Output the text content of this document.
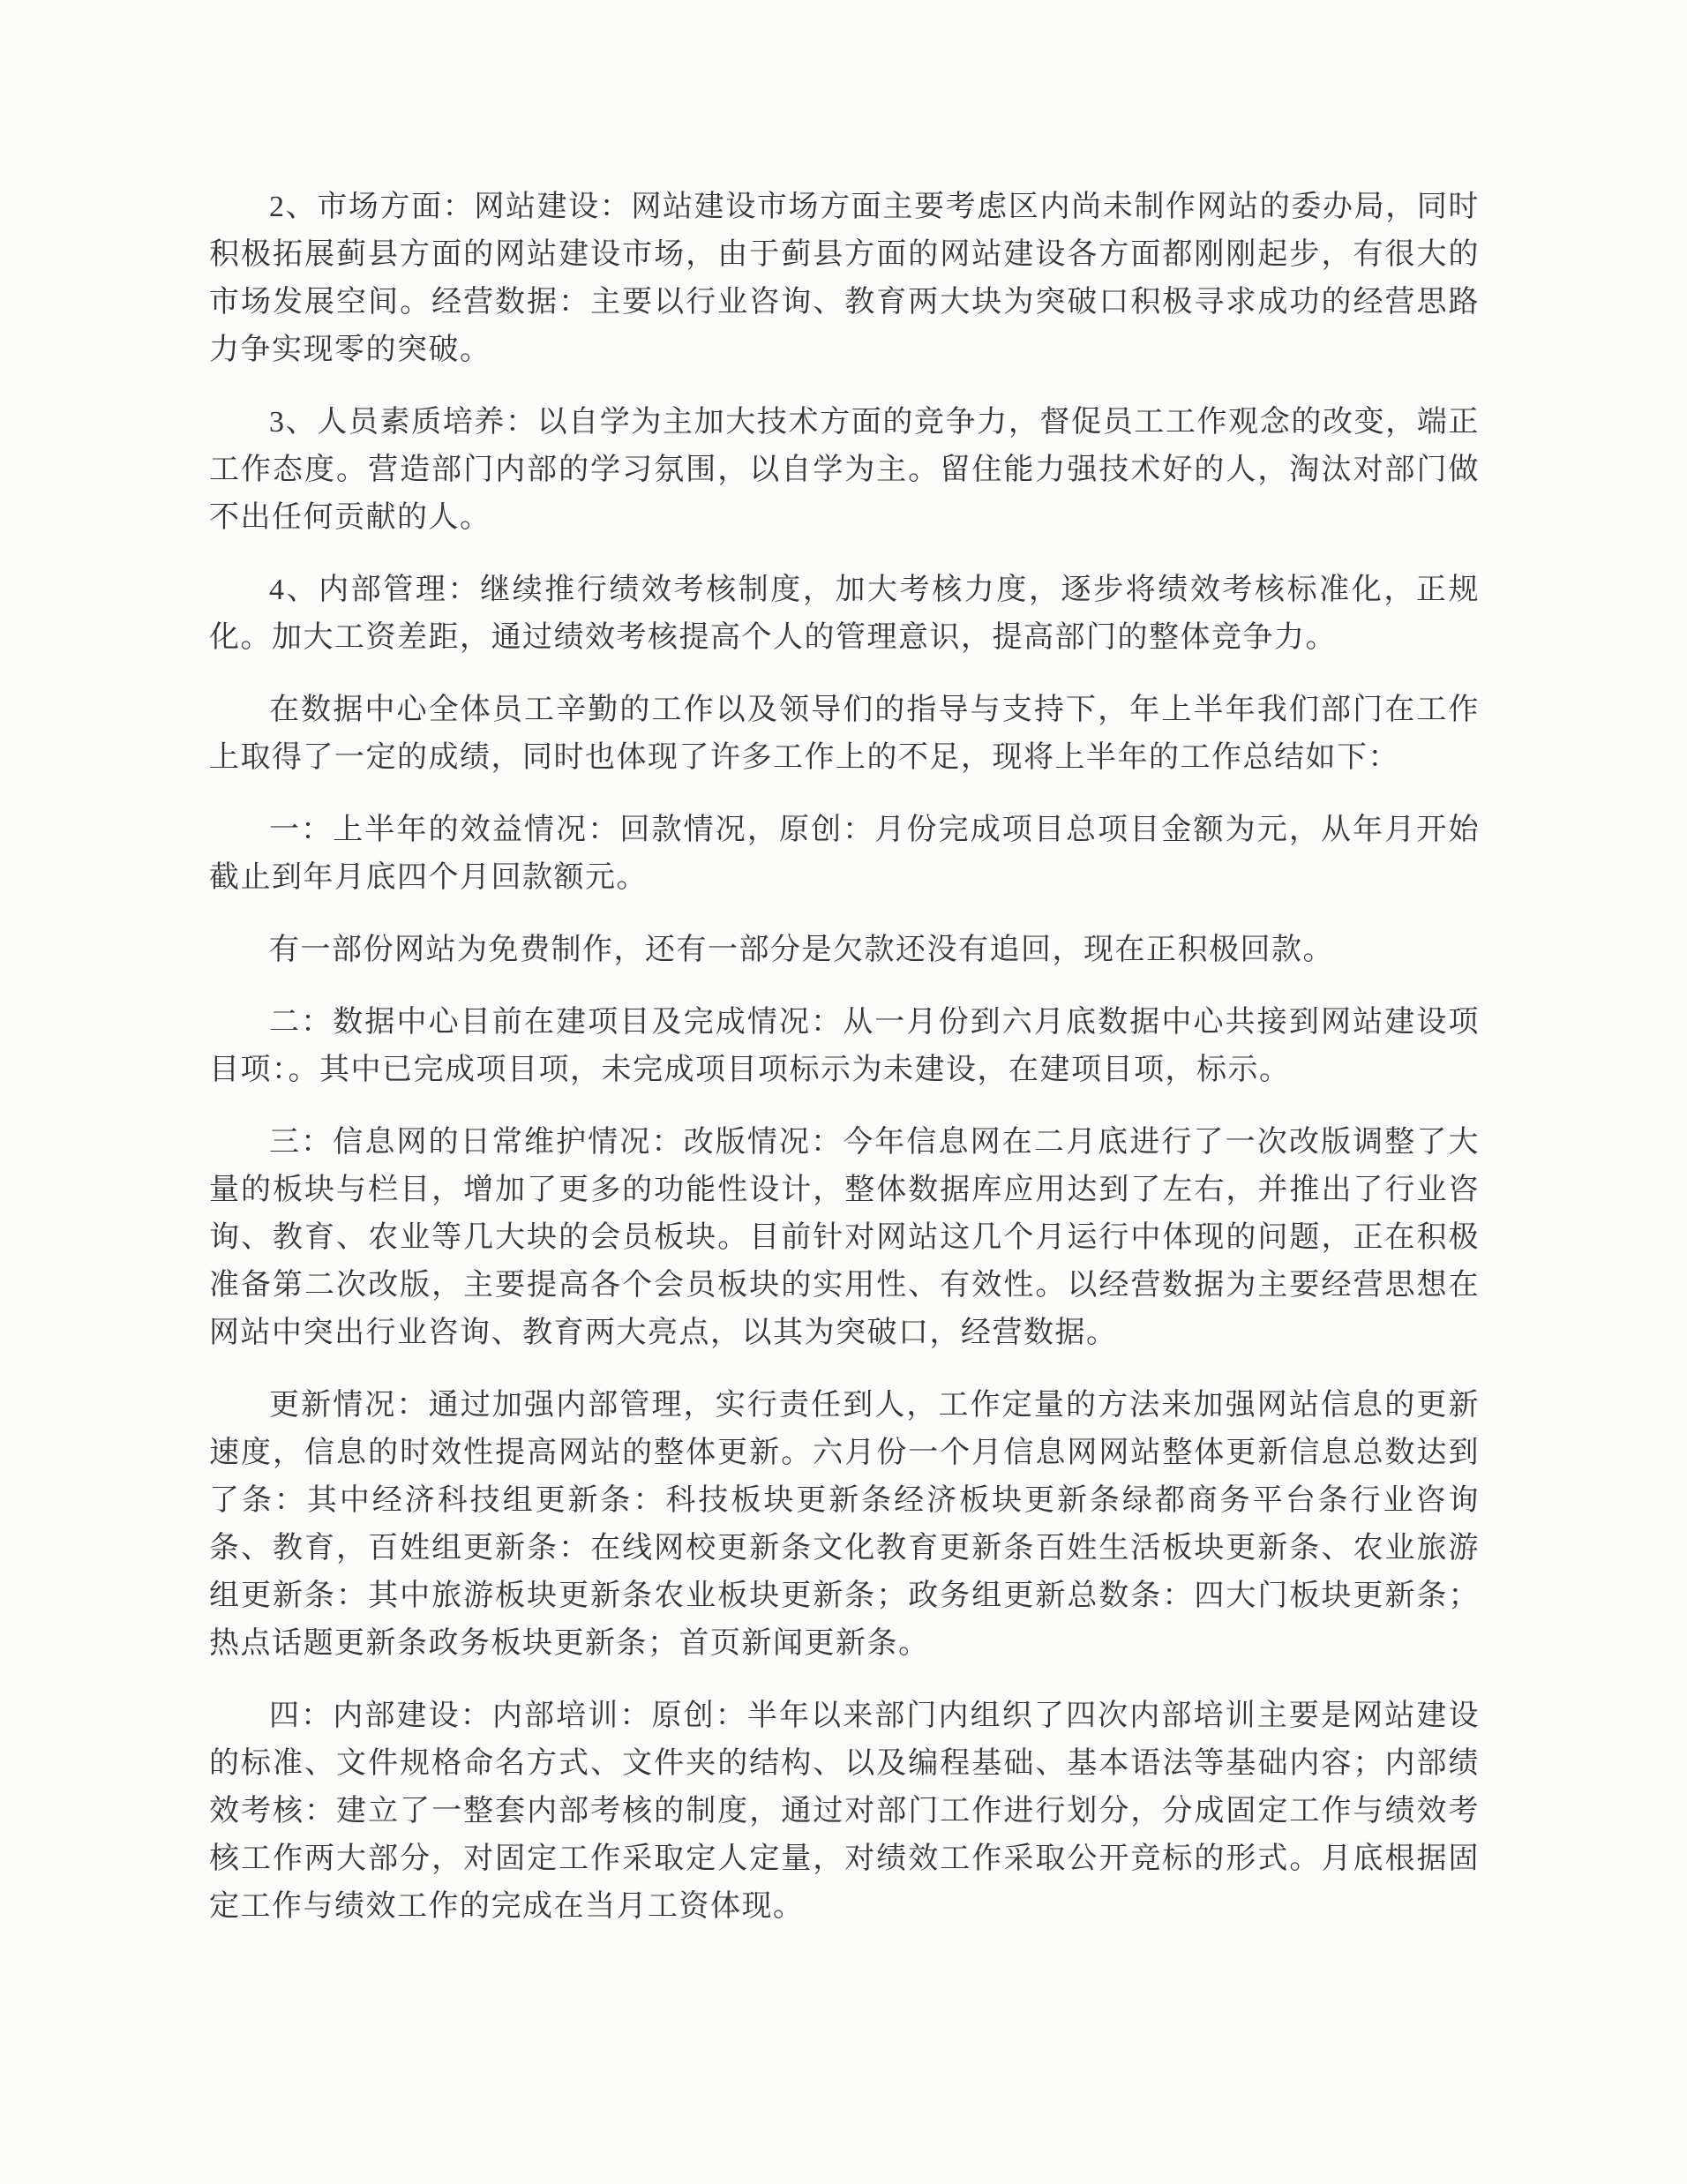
2、市场方面：网站建设：网站建设市场方面主要考虑区内尚未制作网站的委办局，同时积极拓展蓟县方面的网站建设市场，由于蓟县方面的网站建设各方面都刚刚起步，有很大的市场发展空间。经营数据：主要以行业咨询、教育两大块为突破口积极寻求成功的经营思路力争实现零的突破。

3、人员素质培养：以自学为主加大技术方面的竞争力，督促员工工作观念的改变，端正工作态度。营造部门内部的学习氛围，以自学为主。留住能力强技术好的人，淘汰对部门做不出任何贡献的人。

4、内部管理：继续推行绩效考核制度，加大考核力度，逐步将绩效考核标准化，正规化。加大工资差距，通过绩效考核提高个人的管理意识，提高部门的整体竞争力。

在数据中心全体员工辛勤的工作以及领导们的指导与支持下，年上半年我们部门在工作上取得了一定的成绩，同时也体现了许多工作上的不足，现将上半年的工作总结如下：

一：上半年的效益情况：回款情况，原创：月份完成项目总项目金额为元，从年月开始截止到年月底四个月回款额元。

有一部份网站为免费制作，还有一部分是欠款还没有追回，现在正积极回款。

二：数据中心目前在建项目及完成情况：从一月份到六月底数据中心共接到网站建设项目项：。其中已完成项目项，未完成项目项标示为未建设，在建项目项，标示。

三：信息网的日常维护情况：改版情况：今年信息网在二月底进行了一次改版调整了大量的板块与栏目，增加了更多的功能性设计，整体数据库应用达到了左右，并推出了行业咨询、教育、农业等几大块的会员板块。目前针对网站这几个月运行中体现的问题，正在积极准备第二次改版，主要提高各个会员板块的实用性、有效性。以经营数据为主要经营思想在网站中突出行业咨询、教育两大亮点，以其为突破口，经营数据。

更新情况：通过加强内部管理，实行责任到人，工作定量的方法来加强网站信息的更新速度，信息的时效性提高网站的整体更新。六月份一个月信息网网站整体更新信息总数达到了条：其中经济科技组更新条：科技板块更新条经济板块更新条绿都商务平台条行业咨询条、教育，百姓组更新条：在线网校更新条文化教育更新条百姓生活板块更新条、农业旅游组更新条：其中旅游板块更新条农业板块更新条；政务组更新总数条：四大门板块更新条；热点话题更新条政务板块更新条；首页新闻更新条。

四：内部建设：内部培训：原创：半年以来部门内组织了四次内部培训主要是网站建设的标准、文件规格命名方式、文件夹的结构、以及编程基础、基本语法等基础内容；内部绩效考核：建立了一整套内部考核的制度，通过对部门工作进行划分，分成固定工作与绩效考核工作两大部分，对固定工作采取定人定量，对绩效工作采取公开竞标的形式。月底根据固定工作与绩效工作的完成在当月工资体现。
